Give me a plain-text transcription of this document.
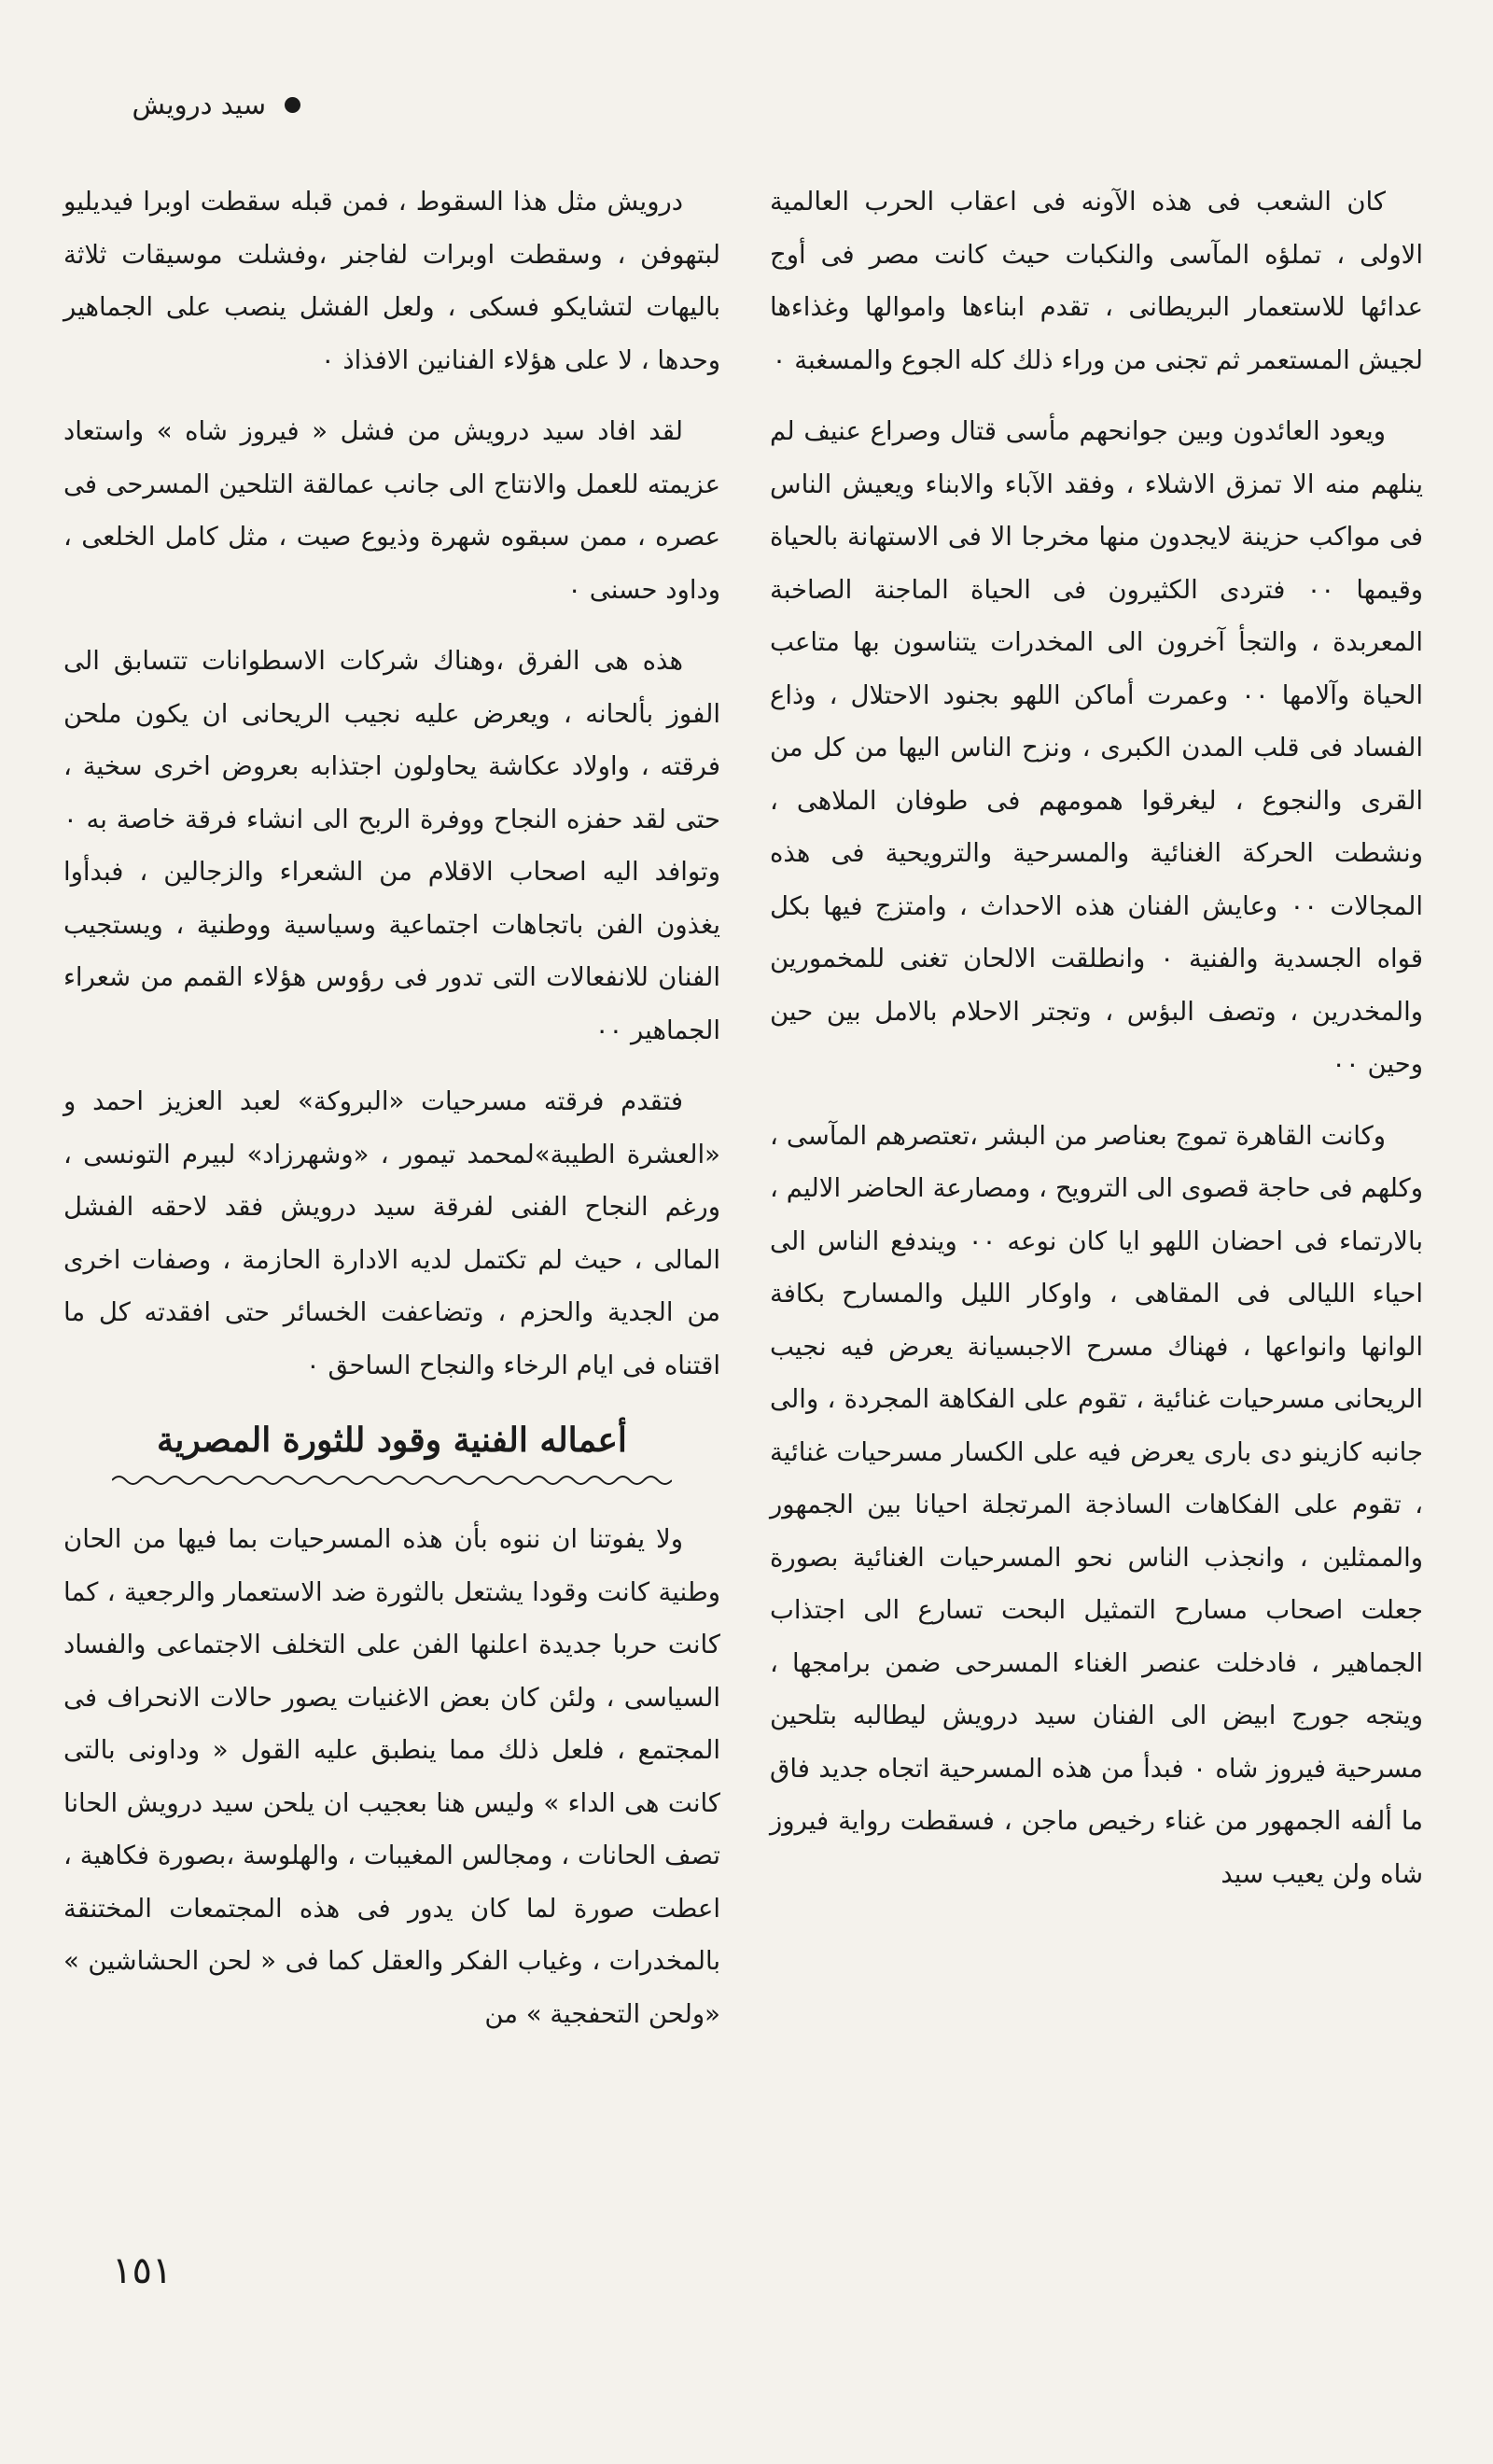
سيد درويش

كان الشعب فى هذه الآونه فى اعقاب الحرب العالمية الاولى ، تملؤه المآسى والنكبات حيث كانت مصر فى أوج عدائها للاستعمار البريطانى ، تقدم ابناءها واموالها وغذاءها لجيش المستعمر ثم تجنى من وراء ذلك كله الجوع والمسغبة ٠

ويعود العائدون وبين جوانحهم مأسى قتال وصراع عنيف لم ينلهم منه الا تمزق الاشلاء ، وفقد الآباء والابناء ويعيش الناس فى مواكب حزينة لايجدون منها مخرجا الا فى الاستهانة بالحياة وقيمها ٠٠ فتردى الكثيرون فى الحياة الماجنة الصاخبة المعربدة ، والتجأ آخرون الى المخدرات يتناسون بها متاعب الحياة وآلامها ٠٠ وعمرت أماكن اللهو بجنود الاحتلال ، وذاع الفساد فى قلب المدن الكبرى ، ونزح الناس اليها من كل من القرى والنجوع ، ليغرقوا همومهم فى طوفان الملاهى ، ونشطت الحركة الغنائية والمسرحية والترويحية فى هذه المجالات ٠٠ وعايش الفنان هذه الاحداث ، وامتزج فيها بكل قواه الجسدية والفنية ٠ وانطلقت الالحان تغنى للمخمورين والمخدرين ، وتصف البؤس ، وتجتر الاحلام بالامل بين حين وحين ٠٠

وكانت القاهرة تموج بعناصر من البشر ،تعتصرهم المآسى ، وكلهم فى حاجة قصوى الى الترويح ، ومصارعة الحاضر الاليم ، بالارتماء فى احضان اللهو ايا كان نوعه ٠٠ ويندفع الناس الى احياء الليالى فى المقاهى ، واوكار الليل والمسارح بكافة الوانها وانواعها ، فهناك مسرح الاجبسيانة يعرض فيه نجيب الريحانى مسرحيات غنائية ، تقوم على الفكاهة المجردة ، والى جانبه كازينو دى بارى يعرض فيه على الكسار مسرحيات غنائية ، تقوم على الفكاهات الساذجة المرتجلة احيانا بين الجمهور والممثلين ، وانجذب الناس نحو المسرحيات الغنائية بصورة جعلت اصحاب مسارح التمثيل البحت تسارع الى اجتذاب الجماهير ، فادخلت عنصر الغناء المسرحى ضمن برامجها ، ويتجه جورج ابيض الى الفنان سيد درويش ليطالبه بتلحين مسرحية فيروز شاه ٠ فبدأ من هذه المسرحية اتجاه جديد فاق ما ألفه الجمهور من غناء رخيص ماجن ، فسقطت رواية فيروز شاه ولن يعيب سيد

درويش مثل هذا السقوط ، فمن قبله سقطت اوبرا فيديليو لبتهوفن ، وسقطت اوبرات لفاجنر ،وفشلت موسيقات ثلاثة باليهات لتشايكو فسكى ، ولعل الفشل ينصب على الجماهير وحدها ، لا على هؤلاء الفنانين الافذاذ ٠

لقد افاد سيد درويش من فشل « فيروز شاه » واستعاد عزيمته للعمل والانتاج الى جانب عمالقة التلحين المسرحى فى عصره ، ممن سبقوه شهرة وذيوع صيت ، مثل كامل الخلعى ، وداود حسنى ٠

هذه هى الفرق ،وهناك شركات الاسطوانات تتسابق الى الفوز بألحانه ، ويعرض عليه نجيب الريحانى ان يكون ملحن فرقته ، واولاد عكاشة يحاولون اجتذابه بعروض اخرى سخية ، حتى لقد حفزه النجاح ووفرة الربح الى انشاء فرقة خاصة به ٠ وتوافد اليه اصحاب الاقلام من الشعراء والزجالين ، فبدأوا يغذون الفن باتجاهات اجتماعية وسياسية ووطنية ، ويستجيب الفنان للانفعالات التى تدور فى رؤوس هؤلاء القمم من شعراء الجماهير ٠٠

فتقدم فرقته مسرحيات «البروكة» لعبد العزيز احمد و «العشرة الطيبة»لمحمد تيمور ، «وشهرزاد» لبيرم التونسى ، ورغم النجاح الفنى لفرقة سيد درويش فقد لاحقه الفشل المالى ، حيث لم تكتمل لديه الادارة الحازمة ، وصفات اخرى من الجدية والحزم ، وتضاعفت الخسائر حتى افقدته كل ما اقتناه فى ايام الرخاء والنجاح الساحق ٠

أعماله الفنية وقود للثورة المصرية

ولا يفوتنا ان ننوه بأن هذه المسرحيات بما فيها من الحان وطنية كانت وقودا يشتعل بالثورة ضد الاستعمار والرجعية ، كما كانت حربا جديدة اعلنها الفن على التخلف الاجتماعى والفساد السياسى ، ولئن كان بعض الاغنيات يصور حالات الانحراف فى المجتمع ، فلعل ذلك مما ينطبق عليه القول « وداونى بالتى كانت هى الداء » وليس هنا بعجيب ان يلحن سيد درويش الحانا تصف الحانات ، ومجالس المغيبات ، والهلوسة ،بصورة فكاهية ، اعطت صورة لما كان يدور فى هذه المجتمعات المختنقة بالمخدرات ، وغياب الفكر والعقل كما فى « لحن الحشاشين » «ولحن التحفجية » من

١٥١
